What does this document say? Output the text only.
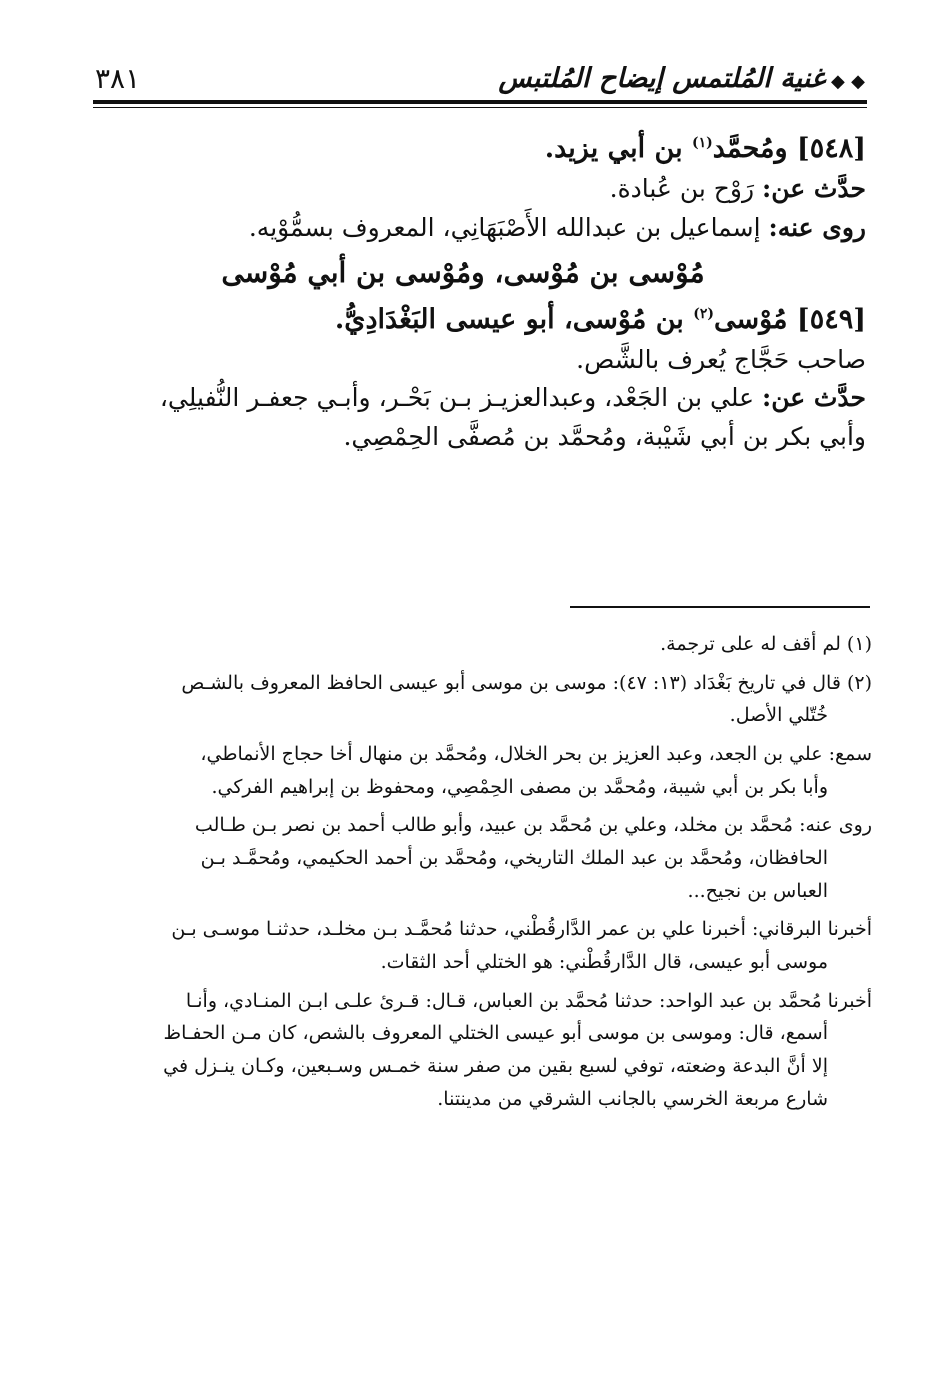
٣٨١	◆ ◆غنية المُلتمس إيضاح المُلتبس
[٥٤٨] ومُحمَّد$^{(١)}$ بن أبي يزيد.
حدَّث عن: رَوْح بن عُبادة.
روى عنه: إسماعيل بن عبدالله الأَصْبَهَانِي، المعروف بسمُّوْيه.
مُوْسى بن مُوْسى، ومُوْسى بن أبي مُوْسى
[٥٤٩] مُوْسى$^{(٢)}$ بن مُوْسى، أبو عيسى البَغْدَادِيُّ.
صاحب حَجَّاج يُعرف بالشَّص.
حدَّث عن: علي بن الجَعْد، وعبدالعزيـز بـن بَحْـر، وأبـي جعفـر النُّفيلِي،
وأبي بكر بن أبي شَيْبة، ومُحمَّد بن مُصفَّى الحِمْصِي.
(١) لم أقف له على ترجمة.
(٢) قال في تاريخ بَغْدَاد (١٣: ٤٧): موسى بن موسى أبو عيسى الحافظ المعروف بالشـص
خُتّلي الأصل.
سمع: علي بن الجعد، وعبد العزيز بن بحر الخلال، ومُحمَّد بن منهال أخا حجاج الأنماطي،
وأبا بكر بن أبي شيبة، ومُحمَّد بن مصفى الحِمْصِي، ومحفوظ بن إبراهيم الفركي.
روى عنه: مُحمَّد بن مخلد، وعلي بن مُحمَّد بن عبيد، وأبو طالب أحمد بن نصر بـن طـالب
الحافظان، ومُحمَّد بن عبد الملك التاريخي، ومُحمَّد بن أحمد الحكيمي، ومُحمَّـد بـن
العباس بن نجيح...
أخبرنا البرقاني: أخبرنا علي بن عمر الدَّارقُطْني، حدثنا مُحمَّـد بـن مخلـد، حدثنـا موسـى بـن
موسى أبو عيسى، قال الدَّارقُطْني: هو الختلي أحد الثقات.
أخبرنا مُحمَّد بن عبد الواحد: حدثنا مُحمَّد بن العباس، قـال: قـرئ علـى ابـن المنـادي، وأنـا
أسمع، قال: وموسى بن موسى أبو عيسى الختلي المعروف بالشص، كان مـن الحفـاظ
إلا أنَّ البدعة وضعته، توفي لسبع بقين من صفر سنة خمـس وسـبعين، وكـان ينـزل في
شارع مربعة الخرسي بالجانب الشرقي من مدينتنا.
